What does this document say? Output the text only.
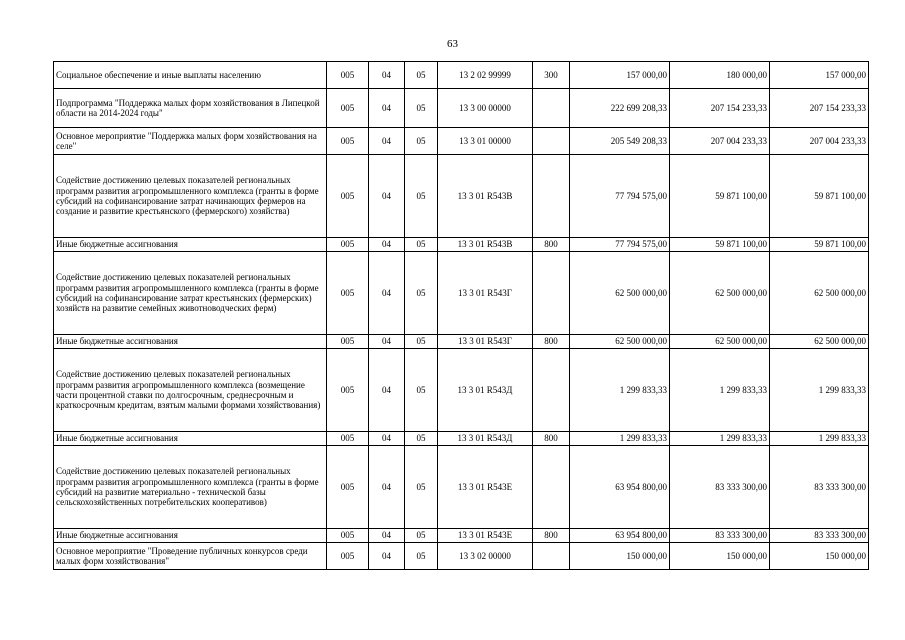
63
Социальное обеспечение и иные выплаты населению	005	04	05	13 2 02 99999	300	157 000,00	180 000,00	157 000,00
Подпрограмма "Поддержка малых форм хозяйствования в Липецкой области на 2014-2024 годы"	005	04	05	13 3 00 00000		222 699 208,33	207 154 233,33	207 154 233,33
Основное мероприятие "Поддержка малых форм хозяйствования на селе"	005	04	05	13 3 01 00000		205 549 208,33	207 004 233,33	207 004 233,33
Содействие достижению целевых показателей региональных программ развития агропромышленного комплекса (гранты в форме субсидий на софинансирование затрат начинающих фермеров на создание и развитие крестьянского (фермерского) хозяйства)	005	04	05	13 3 01 R543В		77 794 575,00	59 871 100,00	59 871 100,00
Иные бюджетные ассигнования	005	04	05	13 3 01 R543В	800	77 794 575,00	59 871 100,00	59 871 100,00
Содействие достижению целевых показателей региональных программ развития агропромышленного комплекса (гранты в форме субсидий на софинансирование затрат крестьянских (фермерских) хозяйств на развитие семейных животноводческих ферм)	005	04	05	13 3 01 R543Г		62 500 000,00	62 500 000,00	62 500 000,00
Иные бюджетные ассигнования	005	04	05	13 3 01 R543Г	800	62 500 000,00	62 500 000,00	62 500 000,00
Содействие достижению целевых показателей региональных программ развития агропромышленного комплекса (возмещение части процентной ставки по долгосрочным, среднесрочным и краткосрочным кредитам, взятым малыми формами хозяйствования)	005	04	05	13 3 01 R543Д		1 299 833,33	1 299 833,33	1 299 833,33
Иные бюджетные ассигнования	005	04	05	13 3 01 R543Д	800	1 299 833,33	1 299 833,33	1 299 833,33
Содействие достижению целевых показателей региональных программ развития агропромышленного комплекса (гранты в форме субсидий на развитие материально - технической базы сельскохозяйственных потребительских кооперативов)	005	04	05	13 3 01 R543Е		63 954 800,00	83 333 300,00	83 333 300,00
Иные бюджетные ассигнования	005	04	05	13 3 01 R543Е	800	63 954 800,00	83 333 300,00	83 333 300,00
Основное мероприятие "Проведение публичных конкурсов среди малых форм хозяйствования"	005	04	05	13 3 02 00000		150 000,00	150 000,00	150 000,00
